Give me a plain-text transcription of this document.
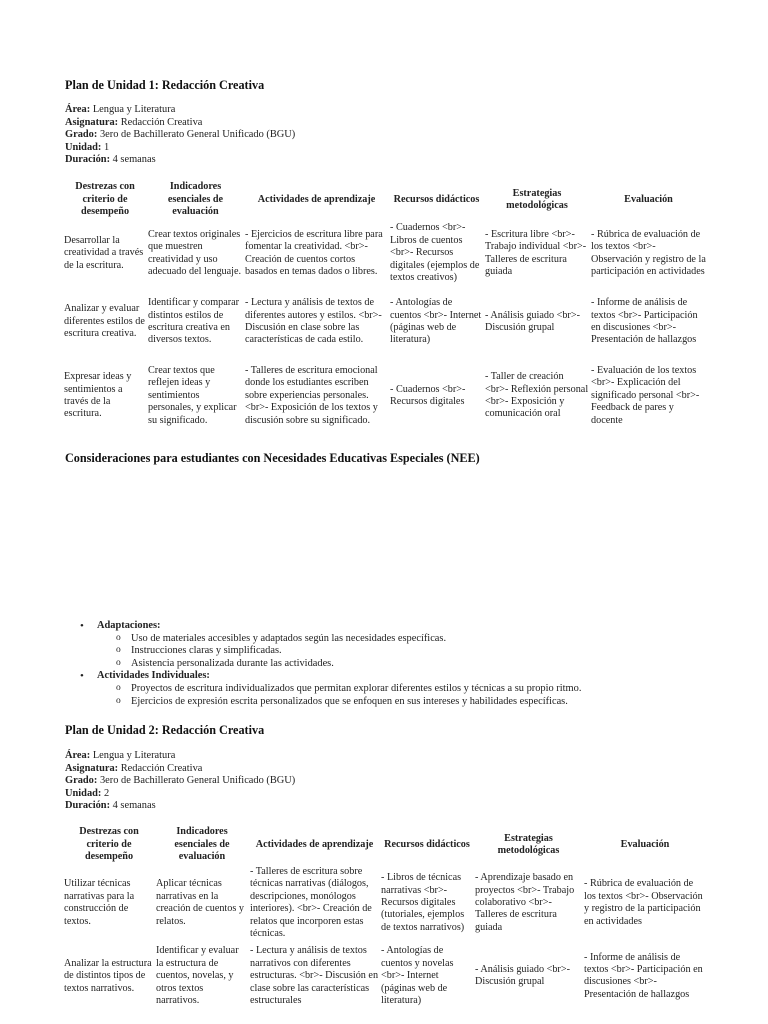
Plan de Unidad 1: Redacción Creativa
Área: Lengua y Literatura
Asignatura: Redacción Creativa
Grado: 3ero de Bachillerato General Unificado (BGU)
Unidad: 1
Duración: 4 semanas
Destrezas con criterio de desempeño	Indicadores esenciales de evaluación	Actividades de aprendizaje	Recursos didácticos	Estrategias metodológicas	Evaluación
Desarrollar la creatividad a través de la escritura.	Crear textos originales que muestren creatividad y uso adecuado del lenguaje.	- Ejercicios de escritura libre para fomentar la creatividad. <br>- Creación de cuentos cortos basados en temas dados o libres.	- Cuadernos <br>- Libros de cuentos <br>- Recursos digitales (ejemplos de textos creativos)	- Escritura libre <br>- Trabajo individual <br>- Talleres de escritura guiada	- Rúbrica de evaluación de los textos <br>- Observación y registro de la participación en actividades
Analizar y evaluar diferentes estilos de escritura creativa.	Identificar y comparar distintos estilos de escritura creativa en diversos textos.	- Lectura y análisis de textos de diferentes autores y estilos. <br>- Discusión en clase sobre las características de cada estilo.	- Antologías de cuentos <br>- Internet (páginas web de literatura)	- Análisis guiado <br>- Discusión grupal	- Informe de análisis de textos <br>- Participación en discusiones <br>- Presentación de hallazgos
Expresar ideas y sentimientos a través de la escritura.	Crear textos que reflejen ideas y sentimientos personales, y explicar su significado.	- Talleres de escritura emocional donde los estudiantes escriben sobre experiencias personales. <br>- Exposición de los textos y discusión sobre su significado.	- Cuadernos <br>- Recursos digitales	- Taller de creación <br>- Reflexión personal <br>- Exposición y comunicación oral	- Evaluación de los textos <br>- Explicación del significado personal <br>- Feedback de pares y docente
Consideraciones para estudiantes con Necesidades Educativas Especiales (NEE)
• Adaptaciones:
o Uso de materiales accesibles y adaptados según las necesidades específicas.
o Instrucciones claras y simplificadas.
o Asistencia personalizada durante las actividades.
• Actividades Individuales:
o Proyectos de escritura individualizados que permitan explorar diferentes estilos y técnicas a su propio ritmo.
o Ejercicios de expresión escrita personalizados que se enfoquen en sus intereses y habilidades específicas.
Plan de Unidad 2: Redacción Creativa
Área: Lengua y Literatura
Asignatura: Redacción Creativa
Grado: 3ero de Bachillerato General Unificado (BGU)
Unidad: 2
Duración: 4 semanas
Destrezas con criterio de desempeño	Indicadores esenciales de evaluación	Actividades de aprendizaje	Recursos didácticos	Estrategias metodológicas	Evaluación
Utilizar técnicas narrativas para la construcción de textos.	Aplicar técnicas narrativas en la creación de cuentos y relatos.	- Talleres de escritura sobre técnicas narrativas (diálogos, descripciones, monólogos interiores). <br>- Creación de relatos que incorporen estas técnicas.	- Libros de técnicas narrativas <br>- Recursos digitales (tutoriales, ejemplos de textos narrativos)	- Aprendizaje basado en proyectos <br>- Trabajo colaborativo <br>- Talleres de escritura guiada	- Rúbrica de evaluación de los textos <br>- Observación y registro de la participación en actividades
Analizar la estructura de distintos tipos de textos narrativos.	Identificar y evaluar la estructura de cuentos, novelas, y otros textos narrativos.	- Lectura y análisis de textos narrativos con diferentes estructuras. <br>- Discusión en clase sobre las características estructurales	- Antologías de cuentos y novelas <br>- Internet (páginas web de literatura)	- Análisis guiado <br>- Discusión grupal	- Informe de análisis de textos <br>- Participación en discusiones <br>- Presentación de hallazgos
